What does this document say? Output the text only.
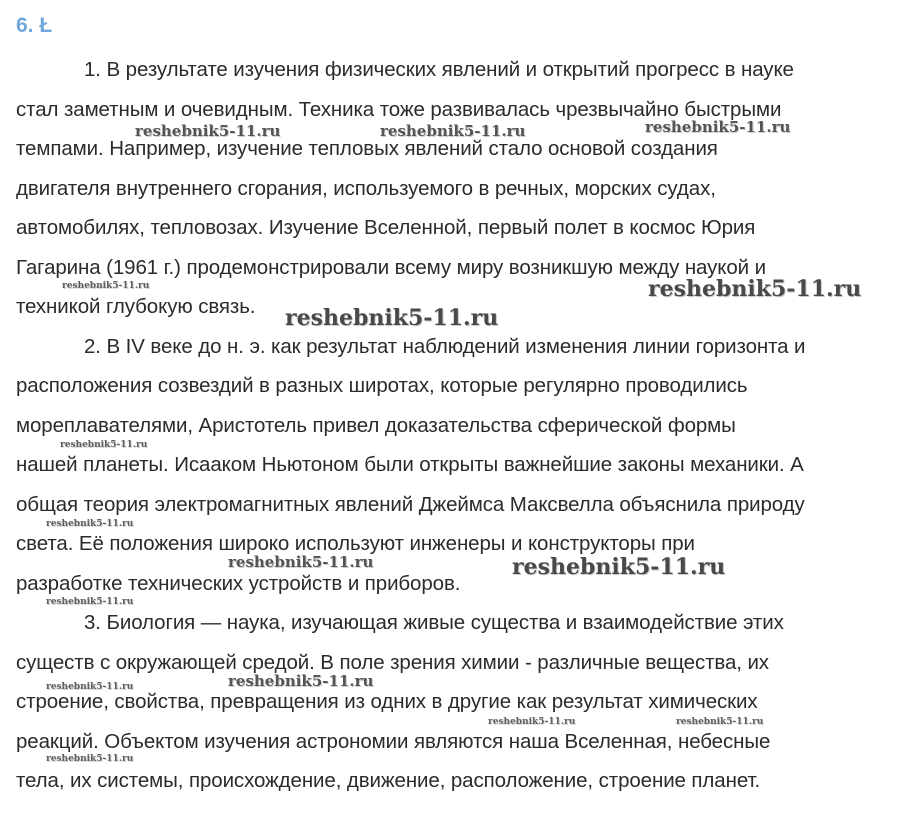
6. Ł
1. В результате изучения физических явлений и открытий прогресс в науке
стал заметным и очевидным. Техника тоже развивалась чрезвычайно быстрыми
темпами. Например, изучение тепловых явлений стало основой создания
двигателя внутреннего сгорания, используемого в речных, морских судах,
автомобилях, тепловозах. Изучение Вселенной, первый полет в космос Юрия
Гагарина (1961 г.) продемонстрировали всему миру возникшую между наукой и
техникой глубокую связь.
2. В IV веке до н. э. как результат наблюдений изменения линии горизонта и
расположения созвездий в разных широтах, которые регулярно проводились
мореплавателями, Аристотель привел доказательства сферической формы
нашей планеты. Исааком Ньютоном были открыты важнейшие законы механики. А
общая теория электромагнитных явлений Джеймса Максвелла объяснила природу
света. Её положения широко используют инженеры и конструкторы при
разработке технических устройств и приборов.
3. Биология — наука, изучающая живые существа и взаимодействие этих
существ с окружающей средой. В поле зрения химии - различные вещества, их
строение, свойства, превращения из одних в другие как результат химических
реакций. Объектом изучения астрономии являются наша Вселенная, небесные
тела, их системы, происхождение, движение, расположение, строение планет.
reshebnik5-11.ru	reshebnik5-11.ru	reshebnik5-11.ru
reshebnik5-11.ru	reshebnik5-11.ru
reshebnik5-11.ru
reshebnik5-11.ru
reshebnik5-11.ru
reshebnik5-11.ru	reshebnik5-11.ru
reshebnik5-11.ru
reshebnik5-11.ru
reshebnik5-11.ru
reshebnik5-11.ru	reshebnik5-11.ru
reshebnik5-11.ru
